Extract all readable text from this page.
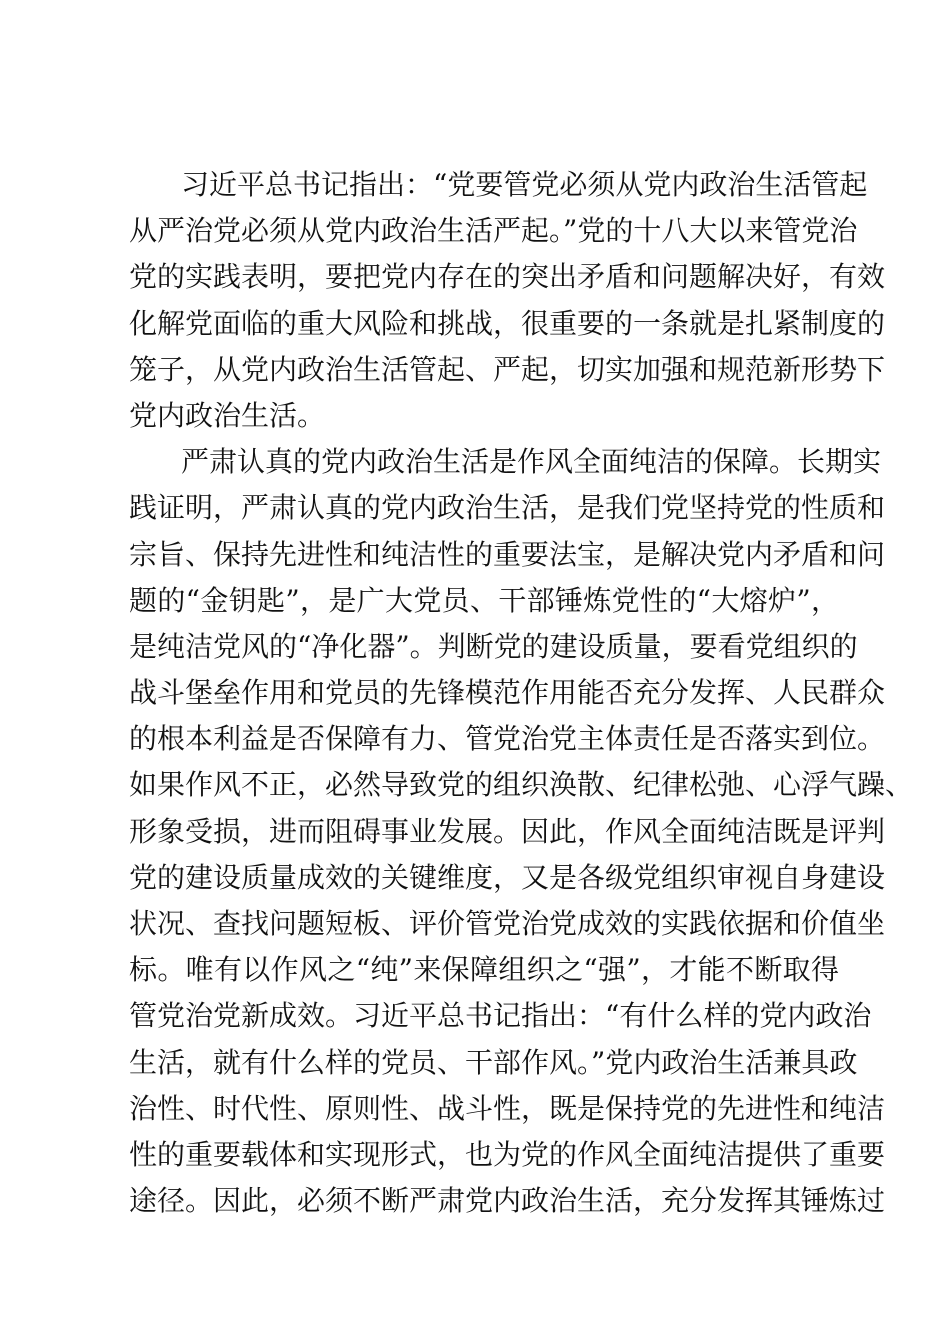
习近平总书记指出：“党要管党必须从党内政治生活管起
从严治党必须从党内政治生活严起。”党的十八大以来管党治
党的实践表明，要把党内存在的突出矛盾和问题解决好，有效
化解党面临的重大风险和挑战，很重要的一条就是扎紧制度的
笼子，从党内政治生活管起、严起，切实加强和规范新形势下
党内政治生活。
严肃认真的党内政治生活是作风全面纯洁的保障。长期实
践证明，严肃认真的党内政治生活，是我们党坚持党的性质和
宗旨、保持先进性和纯洁性的重要法宝，是解决党内矛盾和问
题的“金钥匙”，是广大党员、干部锤炼党性的“大熔炉”，
是纯洁党风的“净化器”。判断党的建设质量，要看党组织的
战斗堡垒作用和党员的先锋模范作用能否充分发挥、人民群众
的根本利益是否保障有力、管党治党主体责任是否落实到位。
如果作风不正，必然导致党的组织涣散、纪律松弛、心浮气躁、
形象受损，进而阻碍事业发展。因此，作风全面纯洁既是评判
党的建设质量成效的关键维度，又是各级党组织审视自身建设
状况、查找问题短板、评价管党治党成效的实践依据和价值坐
标。唯有以作风之“纯”来保障组织之“强”，才能不断取得
管党治党新成效。习近平总书记指出：“有什么样的党内政治
生活，就有什么样的党员、干部作风。”党内政治生活兼具政
治性、时代性、原则性、战斗性，既是保持党的先进性和纯洁
性的重要载体和实现形式，也为党的作风全面纯洁提供了重要
途径。因此，必须不断严肃党内政治生活，充分发挥其锤炼过
